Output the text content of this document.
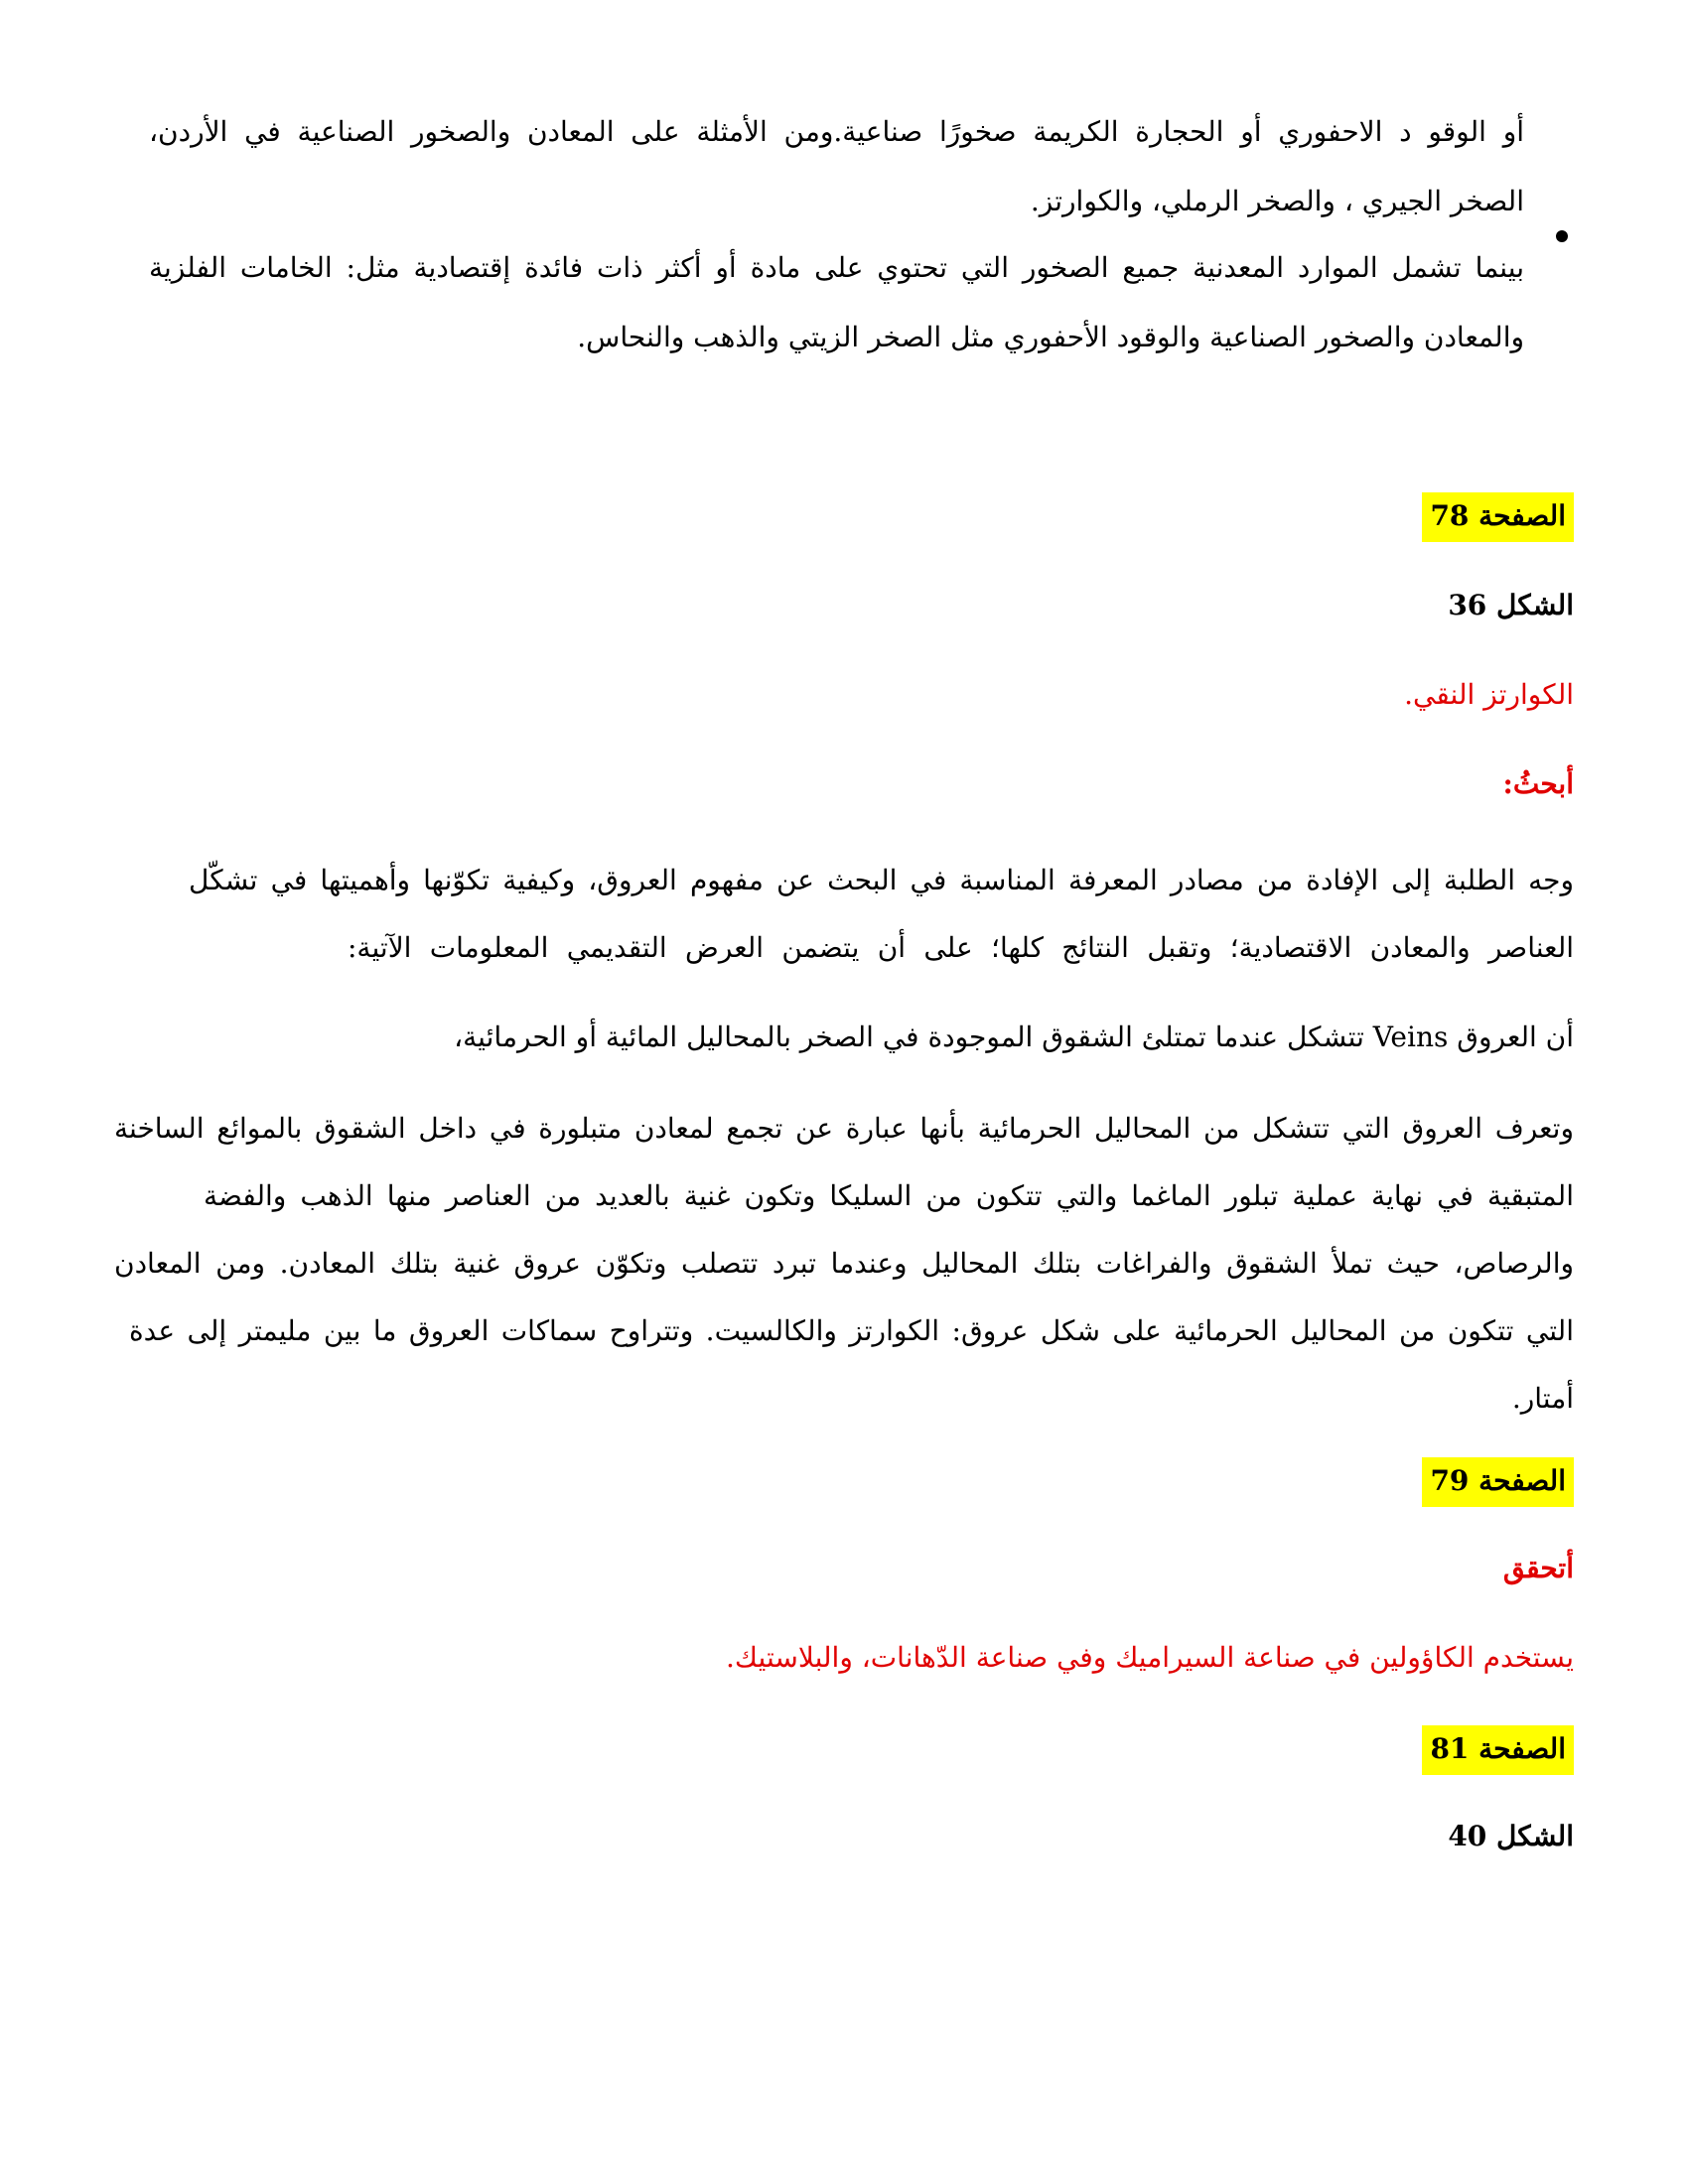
أو الوقو د الاحفوري أو الحجارة الكريمة صخورًا صناعية.ومن الأمثلة على المعادن والصخور الصناعية في الأردن،
الصخر الجيري ، والصخر الرملي، والكوارتز.
بينما تشمل الموارد المعدنية جميع الصخور التي تحتوي على مادة أو أكثر ذات فائدة إقتصادية مثل: الخامات الفلزية
والمعادن والصخور الصناعية والوقود الأحفوري مثل الصخر الزيتي والذهب والنحاس.
الصفحة 78
الشكل 36
الكوارتز النقي.
أبحثُ:
وجه الطلبة إلى الإفادة من مصادر المعرفة المناسبة في البحث عن مفهوم العروق، وكيفية تكوّنها وأهميتها في تشكّل
العناصر والمعادن الاقتصادية؛ وتقبل النتائج كلها؛ على أن يتضمن العرض التقديمي المعلومات الآتية:
أن العروق Veins تتشكل عندما تمتلئ الشقوق الموجودة في الصخر بالمحاليل المائية أو الحرمائية،
وتعرف العروق التي تتشكل من المحاليل الحرمائية بأنها عبارة عن تجمع لمعادن متبلورة في داخل الشقوق بالموائع الساخنة
المتبقية في نهاية عملية تبلور الماغما والتي تتكون من السليكا وتكون غنية بالعديد من العناصر منها الذهب والفضة
والرصاص، حيث تملأ الشقوق والفراغات بتلك المحاليل وعندما تبرد تتصلب وتكوّن عروق غنية بتلك المعادن. ومن المعادن
التي تتكون من المحاليل الحرمائية على شكل عروق: الكوارتز والكالسيت. وتتراوح سماكات العروق ما بين مليمتر إلى عدة
أمتار.
الصفحة 79
أتحقق
يستخدم الكاؤولين في صناعة السيراميك وفي صناعة الدّهانات، والبلاستيك.
الصفحة 81
الشكل 40
